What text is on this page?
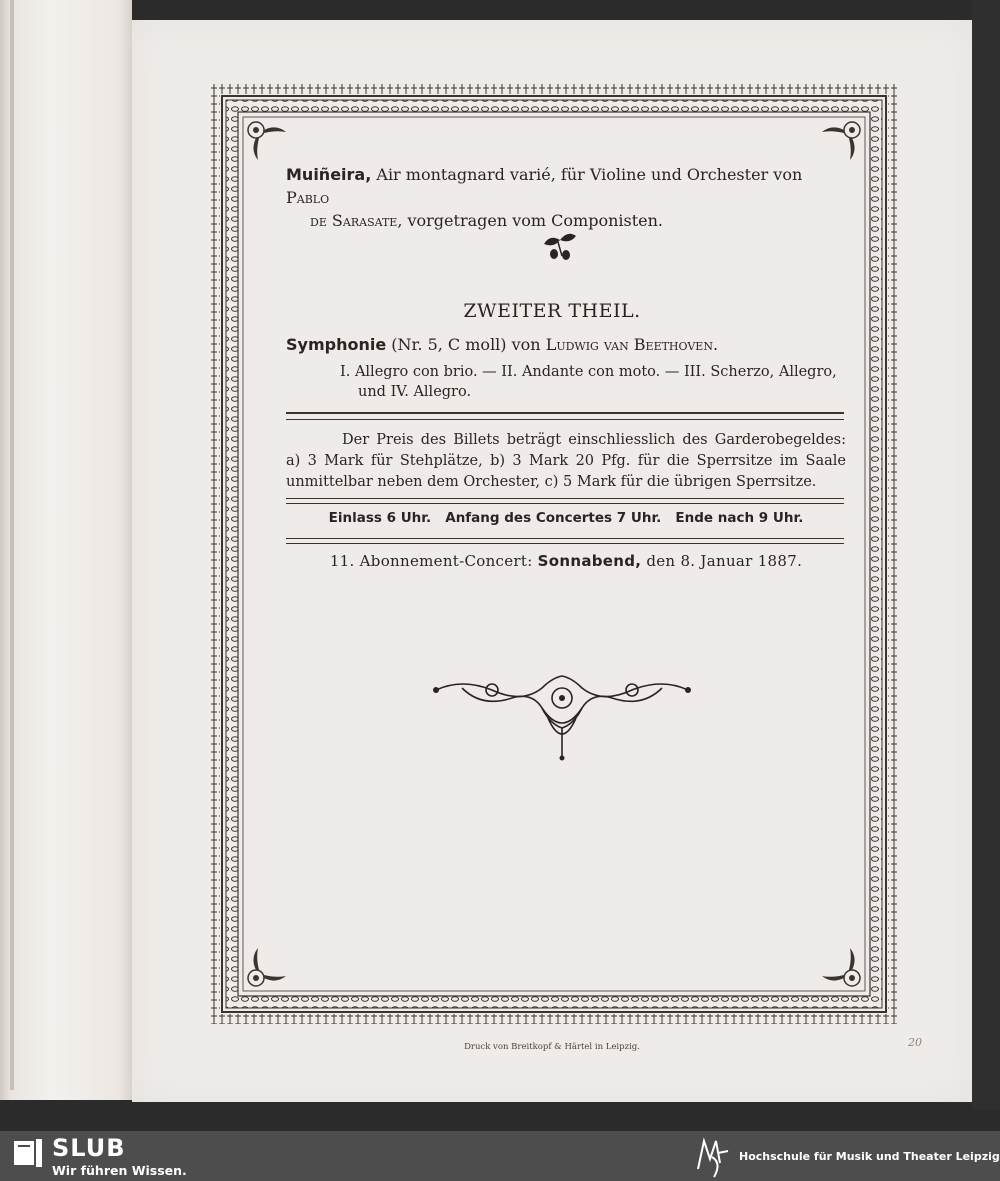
Muiñeira, Air montagnard varié, für Violine und Orchester von Pablo
de Sarasate, vorgetragen vom Componisten.
ZWEITER THEIL.
Symphonie (Nr. 5, C moll) von Ludwig van Beethoven.
I. Allegro con brio. — II. Andante con moto. — III. Scherzo, Allegro,
und IV. Allegro.

Der Preis des Billets beträgt einschliesslich des Garderobegeldes: a) 3 Mark für Stehplätze, b) 3 Mark 20 Pfg. für die Sperrsitze im Saale unmittelbar neben dem Orchester, c) 5 Mark für die übrigen Sperrsitze.

Einlass 6 Uhr.   Anfang des Concertes 7 Uhr.   Ende nach 9 Uhr.
11. Abonnement-Concert: Sonnabend, den 8. Januar 1887.
Druck von Breitkopf & Härtel in Leipzig.	20
SLUB
Wir führen Wissen.
Hochschule für Musik und Theater Leipzig
